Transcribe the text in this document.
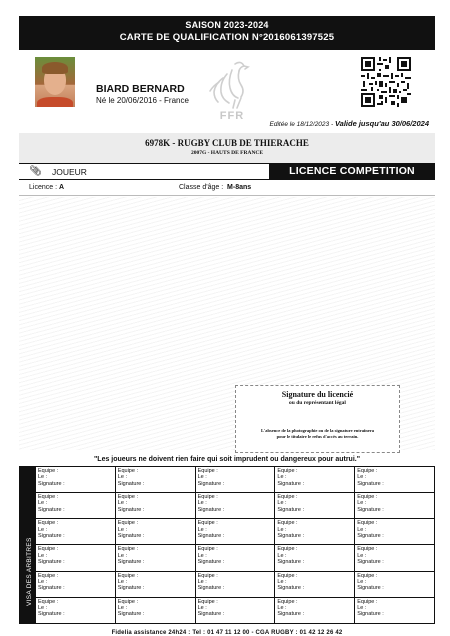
SAISON 2023-2024
CARTE DE QUALIFICATION N°2016061397525
BIARD BERNARD
Né le 20/06/2016 - France
FFR
Editée le 18/12/2023 - Valide jusqu'au 30/06/2024
6978K - RUGBY CLUB DE THIERACHE
2007G - HAUTS DE FRANCE
📎︎ JOUEUR	LICENCE COMPETITION
Licence : A	Classe d'âge : M-8ans
Signature du licencié
ou du représentant légal
L'absence de la photographie ou de la signature entraînera
pour le titulaire le refus d'accès au terrain.
"Les joueurs ne doivent rien faire qui soit imprudent ou dangereux pour autrui."
VISA DES ARBITRES
Equipe :
Le :
Signature :
Equipe :
Le :
Signature :
Equipe :
Le :
Signature :
Equipe :
Le :
Signature :
Equipe :
Le :
Signature :
Equipe :
Le :
Signature :
Equipe :
Le :
Signature :
Equipe :
Le :
Signature :
Equipe :
Le :
Signature :
Equipe :
Le :
Signature :
Equipe :
Le :
Signature :
Equipe :
Le :
Signature :
Equipe :
Le :
Signature :
Equipe :
Le :
Signature :
Equipe :
Le :
Signature :
Equipe :
Le :
Signature :
Equipe :
Le :
Signature :
Equipe :
Le :
Signature :
Equipe :
Le :
Signature :
Equipe :
Le :
Signature :
Equipe :
Le :
Signature :
Equipe :
Le :
Signature :
Equipe :
Le :
Signature :
Equipe :
Le :
Signature :
Equipe :
Le :
Signature :
Equipe :
Le :
Signature :
Equipe :
Le :
Signature :
Equipe :
Le :
Signature :
Equipe :
Le :
Signature :
Equipe :
Le :
Signature :
Fidelia assistance 24h24 : Tel : 01 47 11 12 00 - CGA RUGBY : 01 42 12 26 42
